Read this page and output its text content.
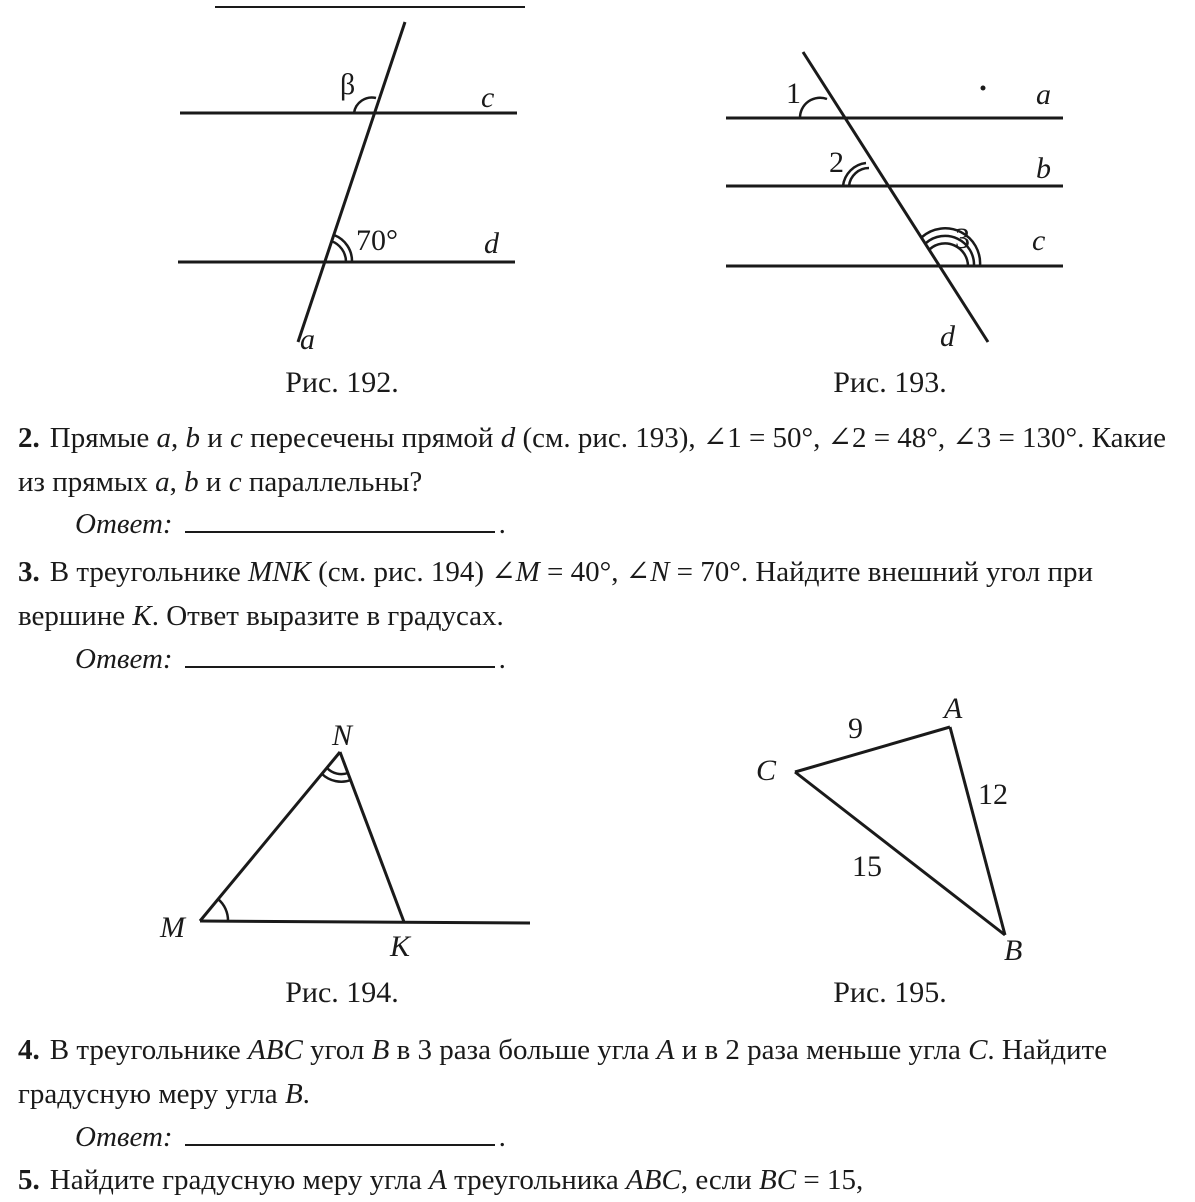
β	c
70°	d
a
Рис. 192.
1
2
3
a
b
c
d
Рис. 193.
2. Прямые a, b и c пересечены прямой d (см. рис. 193), ∠1 = 50°, ∠2 = 48°, ∠3 = 130°. Какие из прямых a, b и c параллельны?
Ответ:	.
3. В треугольнике MNK (см. рис. 194) ∠M = 40°, ∠N = 70°. Найдите внешний угол при вершине K. Ответ выразите в градусах.
Ответ:	.
N
M
K
Рис. 194.
A
C
B
9
12
15
Рис. 195.
4. В треугольнике ABC угол B в 3 раза больше угла A и в 2 раза меньше угла C. Найдите градусную меру угла B.
Ответ:	.
5. Найдите градусную меру угла A треугольника ABC, если BC = 15,
